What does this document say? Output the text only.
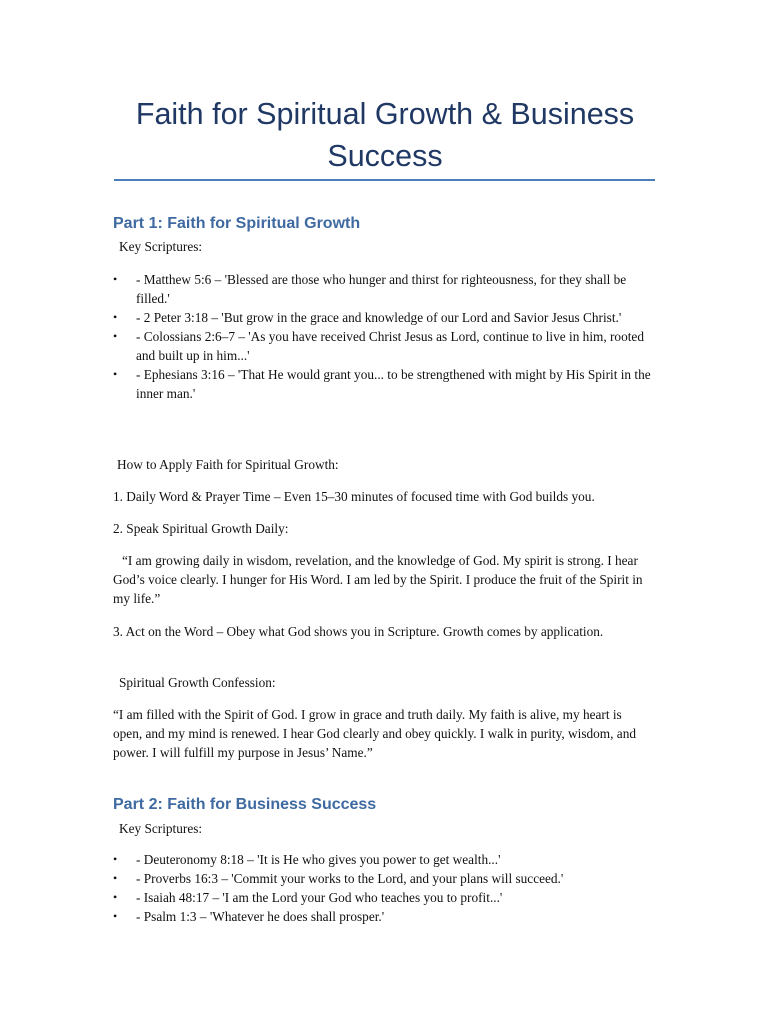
Faith for Spiritual Growth & Business Success
Part 1: Faith for Spiritual Growth

Key Scriptures:

• - Matthew 5:6 – 'Blessed are those who hunger and thirst for righteousness, for they shall be filled.'
• - 2 Peter 3:18 – 'But grow in the grace and knowledge of our Lord and Savior Jesus Christ.'
• - Colossians 2:6–7 – 'As you have received Christ Jesus as Lord, continue to live in him, rooted and built up in him...'
• - Ephesians 3:16 – 'That He would grant you... to be strengthened with might by His Spirit in the inner man.'

How to Apply Faith for Spiritual Growth:

1. Daily Word & Prayer Time – Even 15–30 minutes of focused time with God builds you.

2. Speak Spiritual Growth Daily:

“I am growing daily in wisdom, revelation, and the knowledge of God. My spirit is strong. I hear God’s voice clearly. I hunger for His Word. I am led by the Spirit. I produce the fruit of the Spirit in my life.”

3. Act on the Word – Obey what God shows you in Scripture. Growth comes by application.

Spiritual Growth Confession:

“I am filled with the Spirit of God. I grow in grace and truth daily. My faith is alive, my heart is open, and my mind is renewed. I hear God clearly and obey quickly. I walk in purity, wisdom, and power. I will fulfill my purpose in Jesus’ Name.”

Part 2: Faith for Business Success

Key Scriptures:

• - Deuteronomy 8:18 – 'It is He who gives you power to get wealth...'
• - Proverbs 16:3 – 'Commit your works to the Lord, and your plans will succeed.'
• - Isaiah 48:17 – 'I am the Lord your God who teaches you to profit...'
• - Psalm 1:3 – 'Whatever he does shall prosper.'
